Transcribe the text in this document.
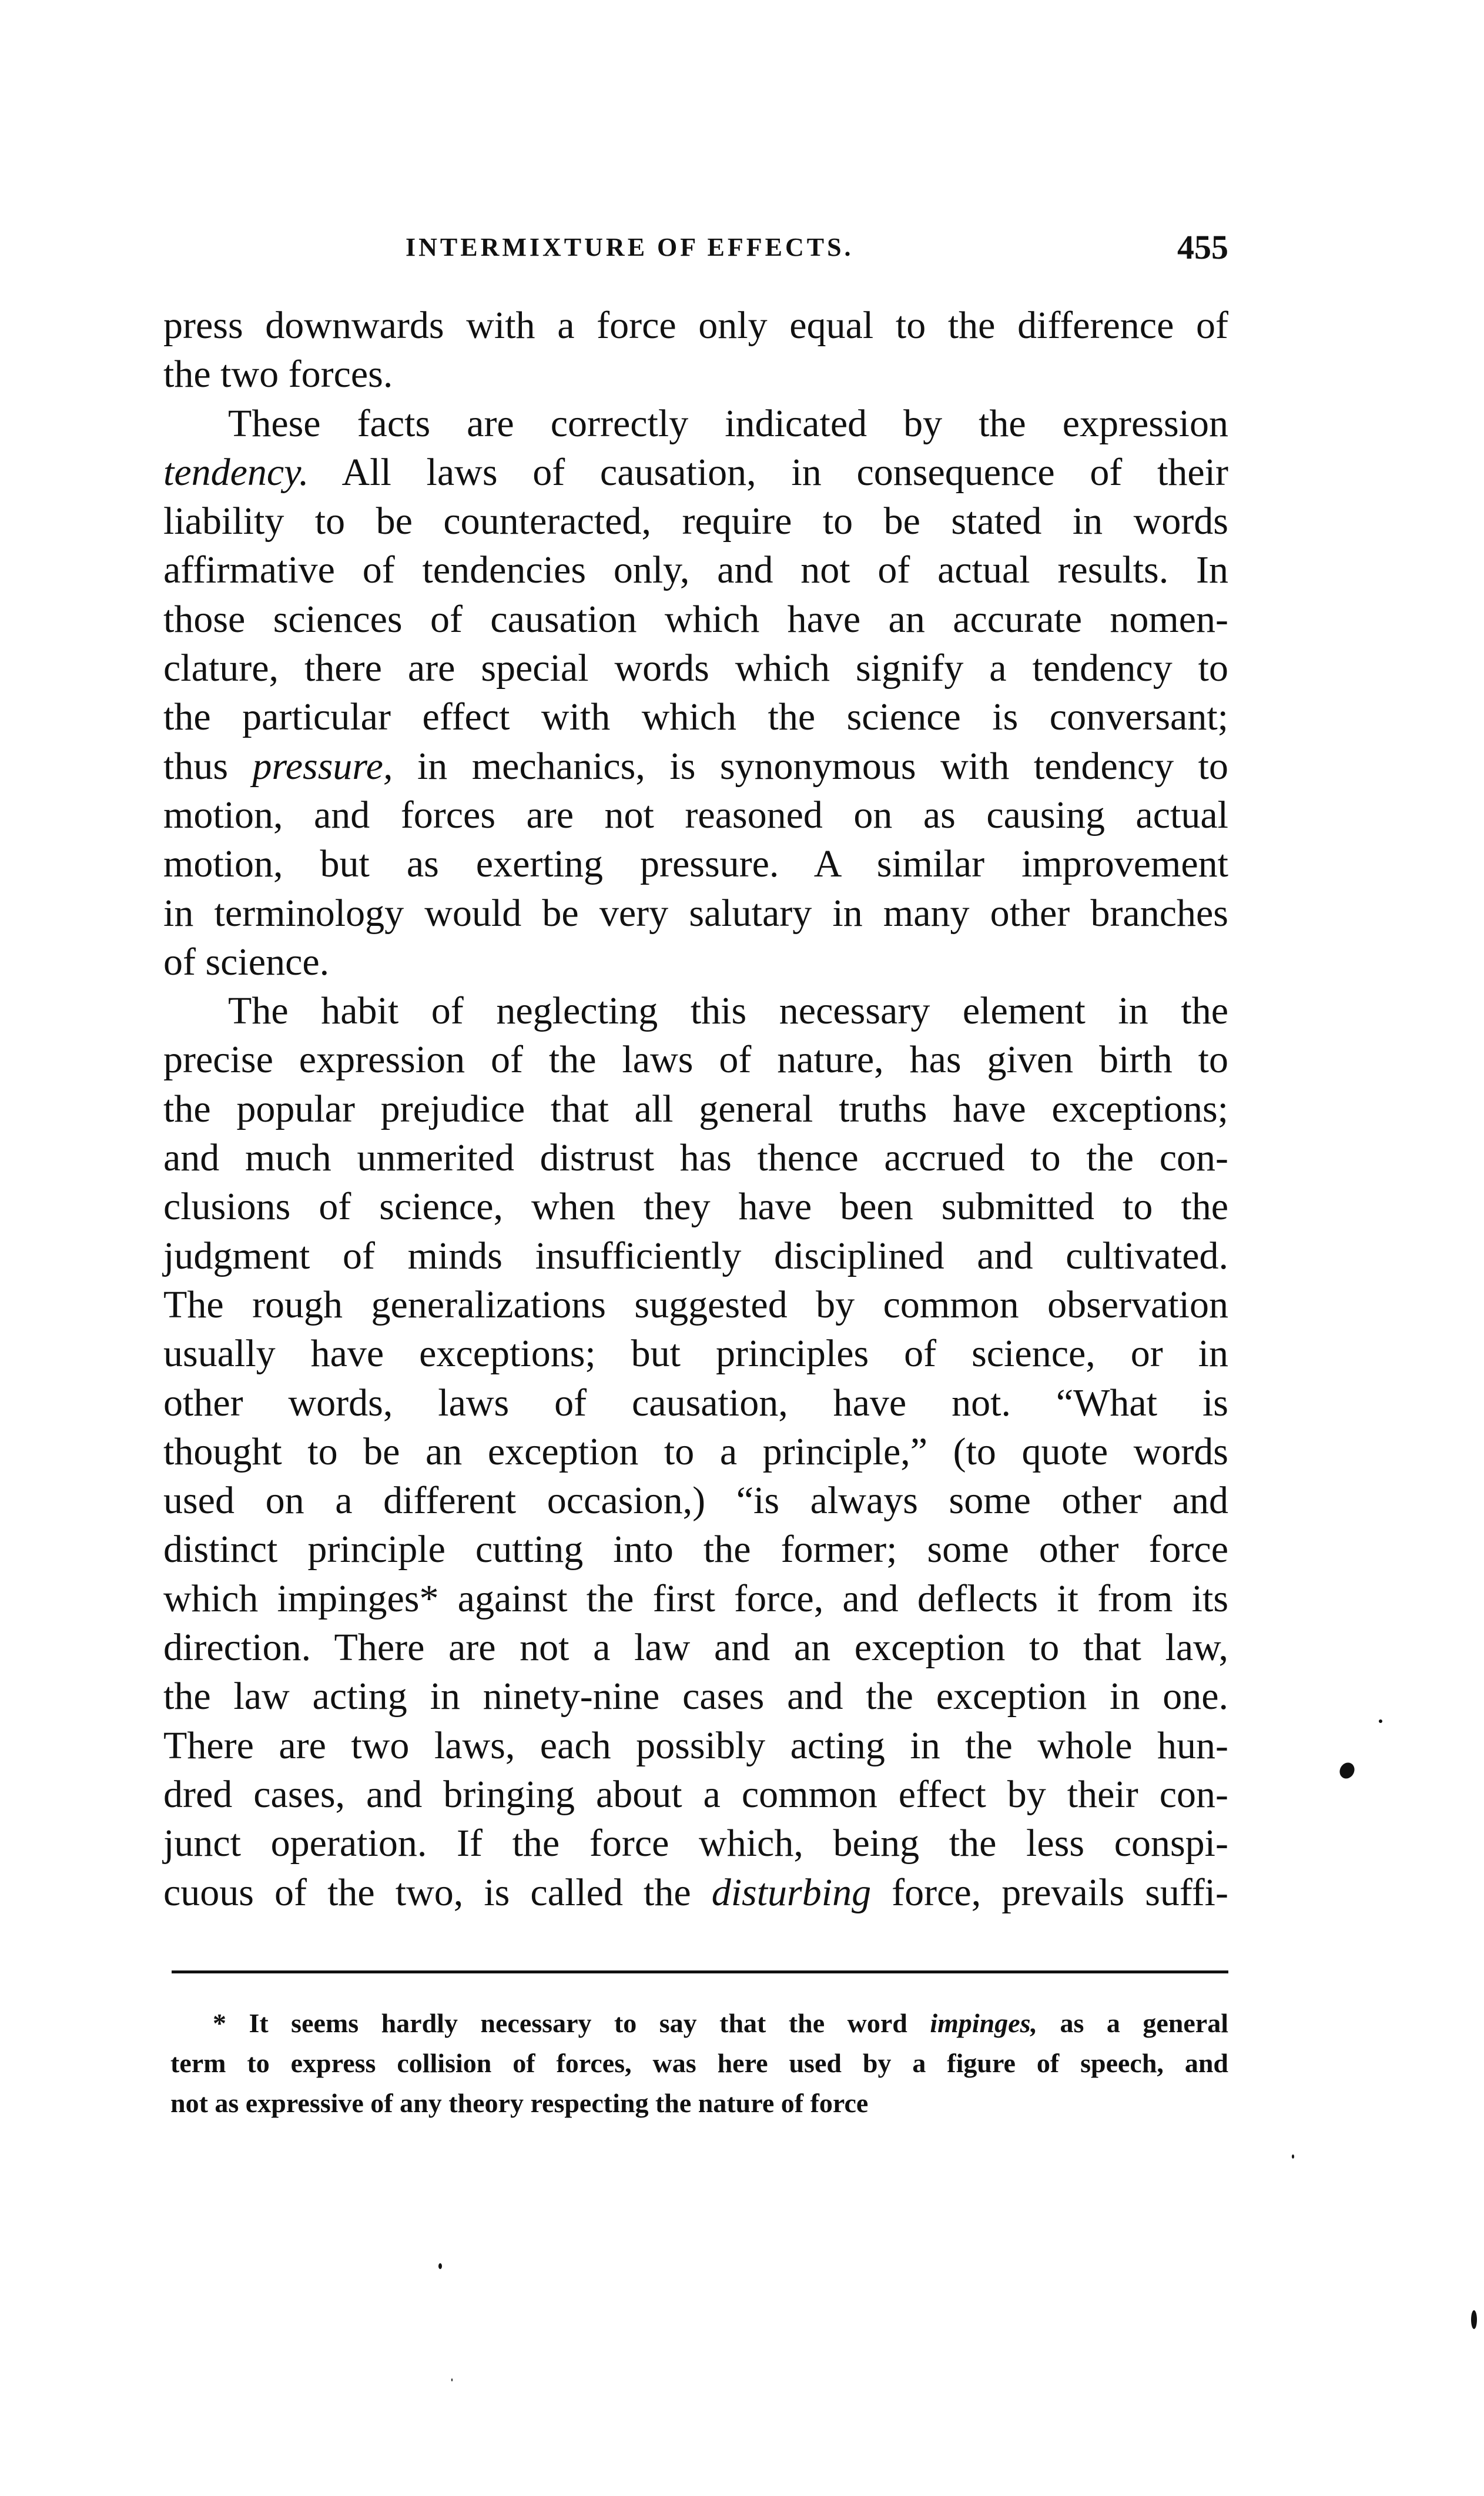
INTERMIXTURE OF EFFECTS.	455
press downwards with a force only equal to the difference of
the two forces.
These facts are correctly indicated by the expression
tendency. All laws of causation, in consequence of their
liability to be counteracted, require to be stated in words
affirmative of tendencies only, and not of actual results. In
those sciences of causation which have an accurate nomen-
clature, there are special words which signify a tendency to
the particular effect with which the science is conversant;
thus pressure, in mechanics, is synonymous with tendency to
motion, and forces are not reasoned on as causing actual
motion, but as exerting pressure. A similar improvement
in terminology would be very salutary in many other branches
of science.
The habit of neglecting this necessary element in the
precise expression of the laws of nature, has given birth to
the popular prejudice that all general truths have exceptions;
and much unmerited distrust has thence accrued to the con-
clusions of science, when they have been submitted to the
judgment of minds insufficiently disciplined and cultivated.
The rough generalizations suggested by common observation
usually have exceptions; but principles of science, or in
other words, laws of causation, have not. “What is
thought to be an exception to a principle,” (to quote words
used on a different occasion,) “is always some other and
distinct principle cutting into the former; some other force
which impinges* against the first force, and deflects it from its
direction. There are not a law and an exception to that law,
the law acting in ninety-nine cases and the exception in one.
There are two laws, each possibly acting in the whole hun-
dred cases, and bringing about a common effect by their con-
junct operation. If the force which, being the less conspi-
cuous of the two, is called the disturbing force, prevails suffi-
* It seems hardly necessary to say that the word impinges, as a general
term to express collision of forces, was here used by a figure of speech, and
not as expressive of any theory respecting the nature of force
